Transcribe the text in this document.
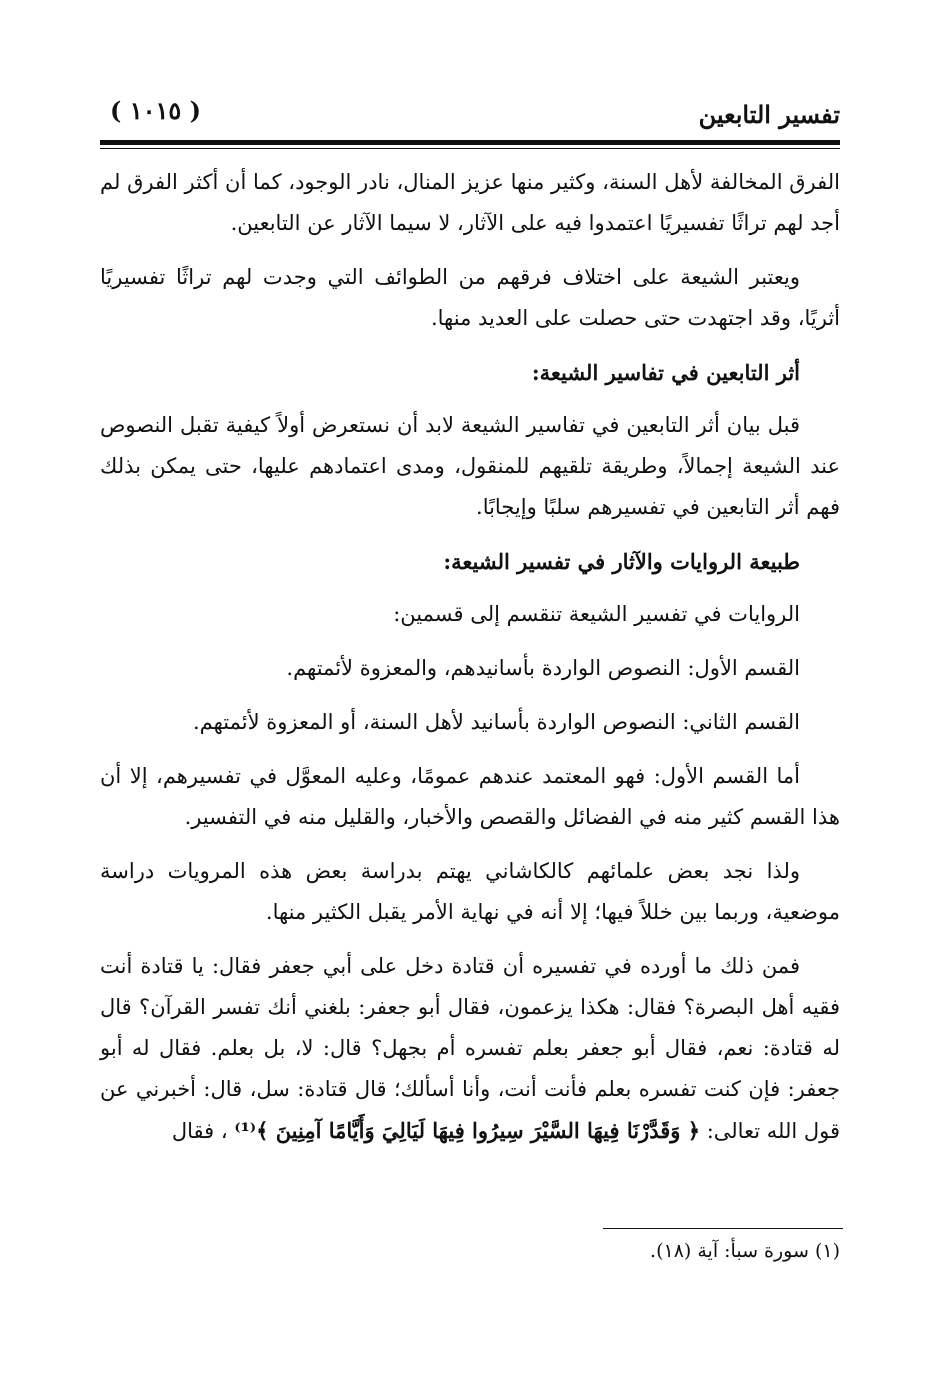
( ١٠١٥ )	تفسير التابعين

الفرق المخالفة لأهل السنة، وكثير منها عزيز المنال، نادر الوجود، كما أن أكثر الفرق لم أجد لهم تراثًا تفسيريًا اعتمدوا فيه على الآثار، لا سيما الآثار عن التابعين.

ويعتبر الشيعة على اختلاف فرقهم من الطوائف التي وجدت لهم تراثًا تفسيريًا أثريًا، وقد اجتهدت حتى حصلت على العديد منها.

أثر التابعين في تفاسير الشيعة:

قبل بيان أثر التابعين في تفاسير الشيعة لابد أن نستعرض أولاً كيفية تقبل النصوص عند الشيعة إجمالاً، وطريقة تلقيهم للمنقول، ومدى اعتمادهم عليها، حتى يمكن بذلك فهم أثر التابعين في تفسيرهم سلبًا وإيجابًا.

طبيعة الروايات والآثار في تفسير الشيعة:

الروايات في تفسير الشيعة تنقسم إلى قسمين:

القسم الأول: النصوص الواردة بأسانيدهم، والمعزوة لأئمتهم.

القسم الثاني: النصوص الواردة بأسانيد لأهل السنة، أو المعزوة لأئمتهم.

أما القسم الأول: فهو المعتمد عندهم عمومًا، وعليه المعوَّل في تفسيرهم، إلا أن هذا القسم كثير منه في الفضائل والقصص والأخبار، والقليل منه في التفسير.

ولذا نجد بعض علمائهم كالكاشاني يهتم بدراسة بعض هذه المرويات دراسة موضعية، وربما بين خللاً فيها؛ إلا أنه في نهاية الأمر يقبل الكثير منها.

فمن ذلك ما أورده في تفسيره أن قتادة دخل على أبي جعفر فقال: يا قتادة أنت فقيه أهل البصرة؟ فقال: هكذا يزعمون، فقال أبو جعفر: بلغني أنك تفسر القرآن؟ قال له قتادة: نعم، فقال أبو جعفر بعلم تفسره أم بجهل؟ قال: لا، بل بعلم. فقال له أبو جعفر: فإن كنت تفسره بعلم فأنت أنت، وأنا أسألك؛ قال قتادة: سل، قال: أخبرني عن قول الله تعالى: ﴿ وَقَدَّرْنَا فِيهَا السَّيْرَ سِيرُوا فِيهَا لَيَالِيَ وَأَيَّامًا آمِنِينَ ﴾⁽¹⁾ ، فقال

(١) سورة سبأ: آية (١٨).
